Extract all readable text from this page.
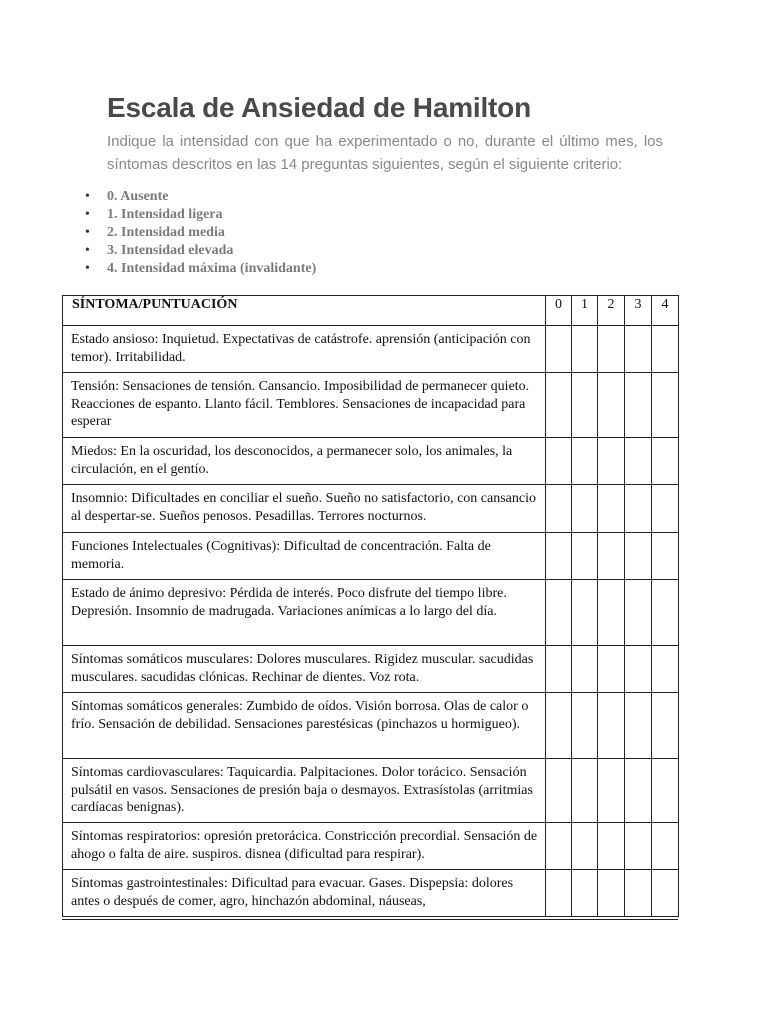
Escala de Ansiedad de Hamilton

Indique la intensidad con que ha experimentado o no, durante el último mes, los síntomas descritos en las 14 preguntas siguientes, según el siguiente criterio:

• 0. Ausente
• 1. Intensidad ligera
• 2. Intensidad media
• 3. Intensidad elevada
• 4. Intensidad máxima (invalidante)
SÍNTOMA/PUNTUACIÓN	0	1	2	3	4
Estado ansioso: Inquietud. Expectativas de catástrofe. aprensión (anticipación con temor). Irritabilidad.					
Tensión: Sensaciones de tensión. Cansancio. Imposibilidad de permanecer quieto. Reacciones de espanto. Llanto fácil. Temblores. Sensaciones de incapacidad para esperar					
Miedos: En la oscuridad, los desconocidos, a permanecer solo, los animales, la circulación, en el gentío.					
Insomnio: Dificultades en conciliar el sueño. Sueño no satisfactorio, con cansancio al despertar-se. Sueños penosos. Pesadillas. Terrores nocturnos.					
Funciones Intelectuales (Cognitivas): Dificultad de concentración. Falta de memoria.					
Estado de ánimo depresivo: Pérdida de interés. Poco disfrute del tiempo libre. Depresión. Insomnio de madrugada. Variaciones anímicas a lo largo del día.					
Síntomas somáticos musculares: Dolores musculares. Rigidez muscular. sacudidas musculares. sacudidas clónicas. Rechinar de dientes. Voz rota.					
Síntomas somáticos generales: Zumbido de oídos. Visión borrosa. Olas de calor o frío. Sensación de debilidad. Sensaciones parestésicas (pinchazos u hormigueo).					
Síntomas cardiovasculares: Taquicardia. Palpitaciones. Dolor torácico. Sensación pulsátil en vasos. Sensaciones de presión baja o desmayos. Extrasístolas (arritmias cardíacas benignas).					
Síntomas respiratorios: opresión pretorácica. Constricción precordial. Sensación de ahogo o falta de aire. suspiros. disnea (dificultad para respirar).					
Síntomas gastrointestinales: Dificultad para evacuar. Gases. Dispepsia: dolores antes o después de comer, agro, hinchazón abdominal, náuseas,					
